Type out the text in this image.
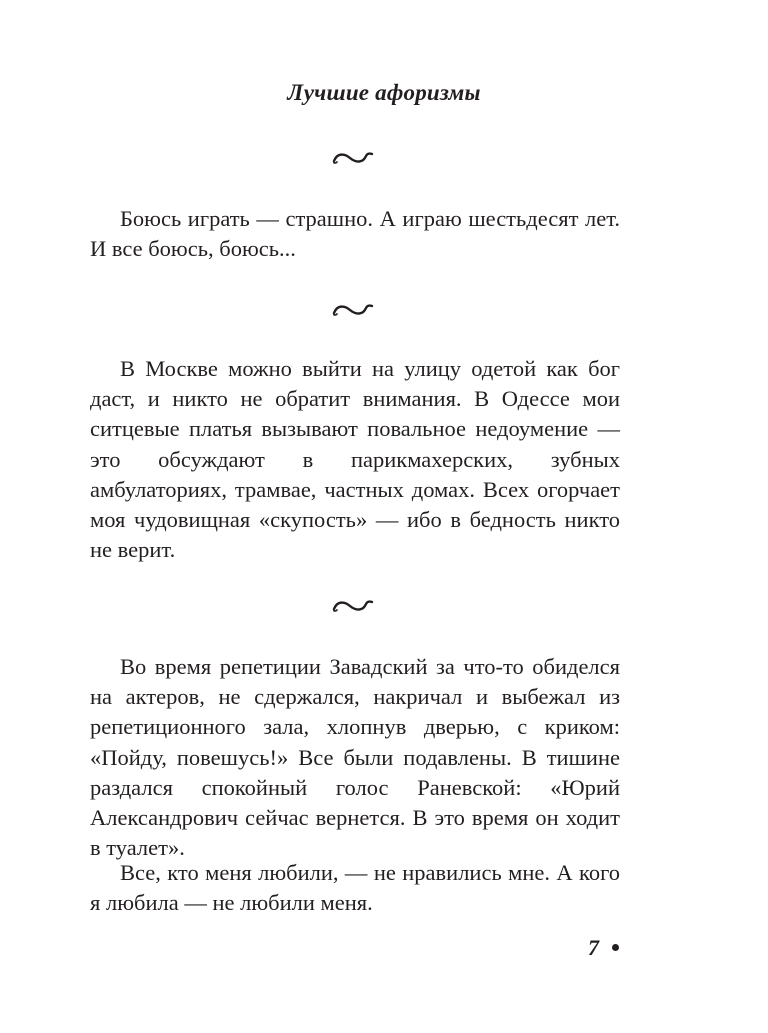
Лучшие афоризмы

Боюсь играть — страшно. А играю шестьдесят лет. И все боюсь, боюсь...

В Москве можно выйти на улицу одетой как бог даст, и никто не обратит внимания. В Одессе мои ситцевые платья вызывают повальное недоумение — это обсуждают в парикмахерских, зубных амбулаториях, трамвае, частных домах. Всех огорчает моя чудовищная «скупость» — ибо в бедность никто не верит.

Во время репетиции Завадский за что-то обиделся на актеров, не сдержался, накричал и выбежал из репетиционного зала, хлопнув дверью, с криком: «Пойду, повешусь!» Все были подавлены. В тишине раздался спокойный голос Раневской: «Юрий Александрович сейчас вернется. В это время он ходит в туалет».

Все, кто меня любили, — не нравились мне. А кого я любила — не любили меня.

7
